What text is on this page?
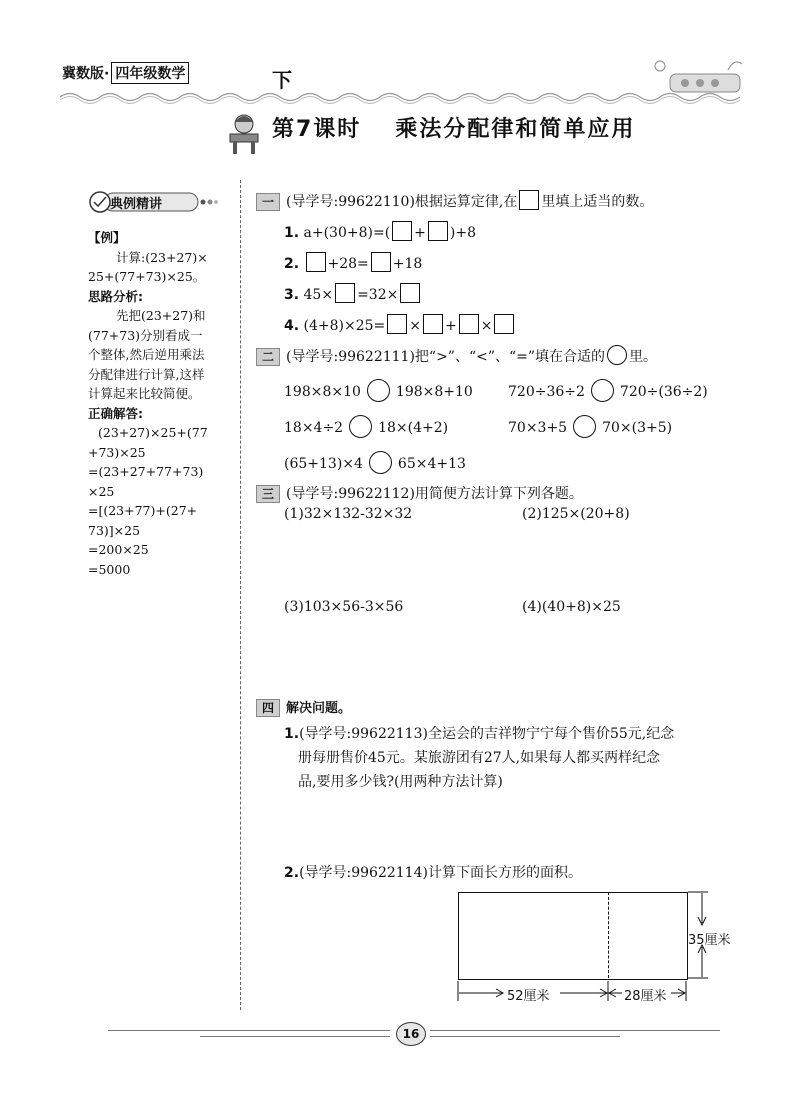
冀数版· 四年级数学	下
第7课时 乘法分配律和简单应用
典例精讲
【例】
计算:(23+27)×
25+(77+73)×25。
思路分析:
先把(23+27)和
(77+73)分别看成一
个整体,然后逆用乘法
分配律进行计算,这样
计算起来比较简便。
正确解答:
(23+27)×25+(77
+73)×25
=(23+27+77+73)
×25
=[(23+77)+(27+
73)]×25
=200×25
=5000
一 (导学号:99622110)根据运算定律,在 里填上适当的数。
1. a+(30+8)=( + )+8
2. +28= +18
3. 45× =32×
4. (4+8)×25= × + ×
二 (导学号:99622111)把“>”、“<”、“=”填在合适的 里。
198×8×10	198×8+10	720÷36÷2	720÷(36÷2)
18×4÷2	18×(4+2)	70×3+5	70×(3+5)
(65+13)×4	65×4+13
三 (导学号:99622112)用简便方法计算下列各题。
(1)32×132-32×32	(2)125×(20+8)
(3)103×56-3×56	(4)(40+8)×25
四 解决问题。
1.(导学号:99622113)全运会的吉祥物宁宁每个售价55元,纪念
册每册售价45元。某旅游团有27人,如果每人都买两样纪念
品,要用多少钱?(用两种方法计算)
2.(导学号:99622114)计算下面长方形的面积。
35厘米
52厘米	28厘米
16
